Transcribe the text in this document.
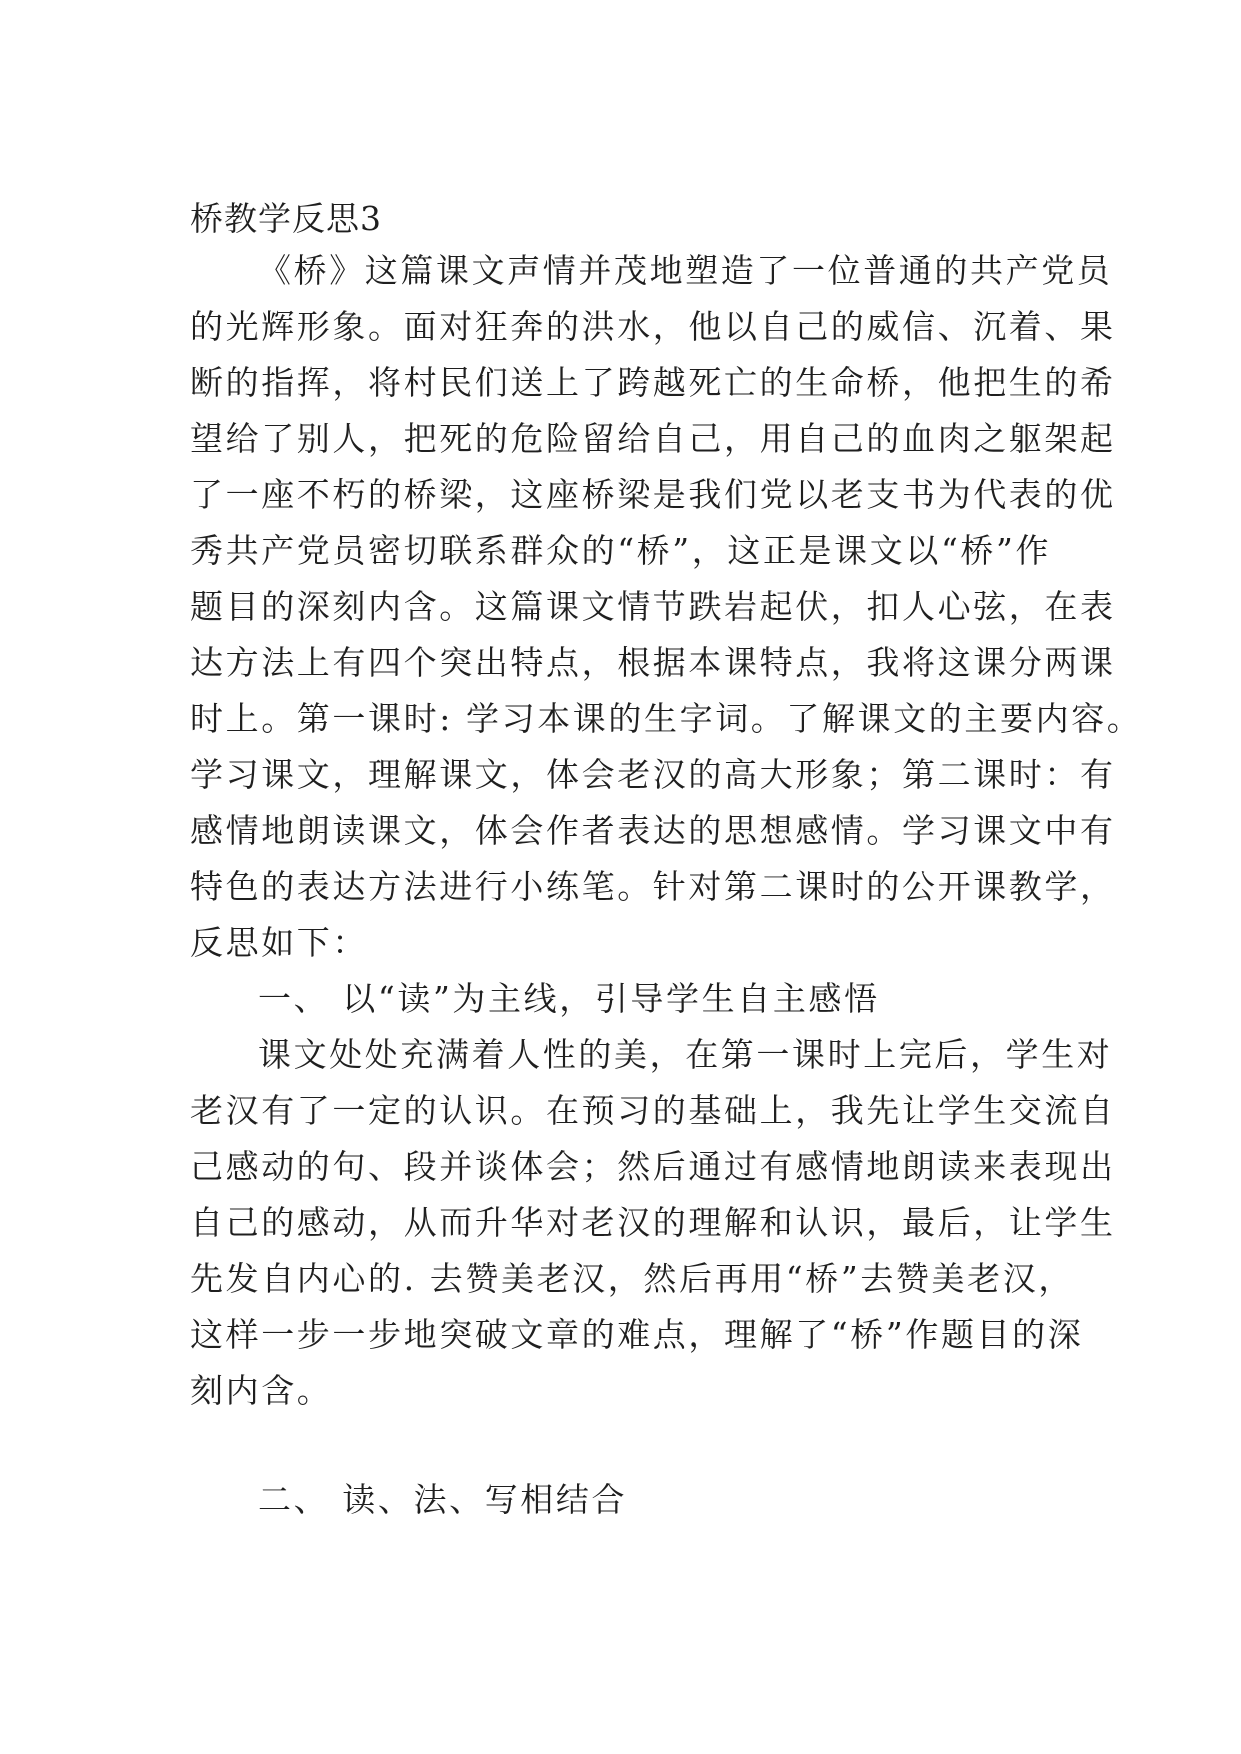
桥教学反思3
《桥》这篇课文声情并茂地塑造了一位普通的共产党员
的光辉形象。面对狂奔的洪水，他以自己的威信、沉着、果
断的指挥，将村民们送上了跨越死亡的生命桥，他把生的希
望给了别人，把死的危险留给自己，用自己的血肉之躯架起
了一座不朽的桥梁，这座桥梁是我们党以老支书为代表的优
秀共产党员密切联系群众的“桥”，这正是课文以“桥”作
题目的深刻内含。这篇课文情节跌岩起伏，扣人心弦，在表
达方法上有四个突出特点，根据本课特点，我将这课分两课
时上。第一课时: 学习本课的生字词。了解课文的主要内容。
学习课文，理解课文，体会老汉的高大形象；第二课时：有
感情地朗读课文，体会作者表达的思想感情。学习课文中有
特色的表达方法进行小练笔。针对第二课时的公开课教学，
反思如下：
一、 以“读”为主线，引导学生自主感悟
课文处处充满着人性的美，在第一课时上完后，学生对
老汉有了一定的认识。在预习的基础上，我先让学生交流自
己感动的句、段并谈体会；然后通过有感情地朗读来表现出
自己的感动，从而升华对老汉的理解和认识，最后，让学生
先发自内心的. 去赞美老汉，然后再用“桥”去赞美老汉，
这样一步一步地突破文章的难点，理解了“桥”作题目的深
刻内含。
二、 读、法、写相结合
